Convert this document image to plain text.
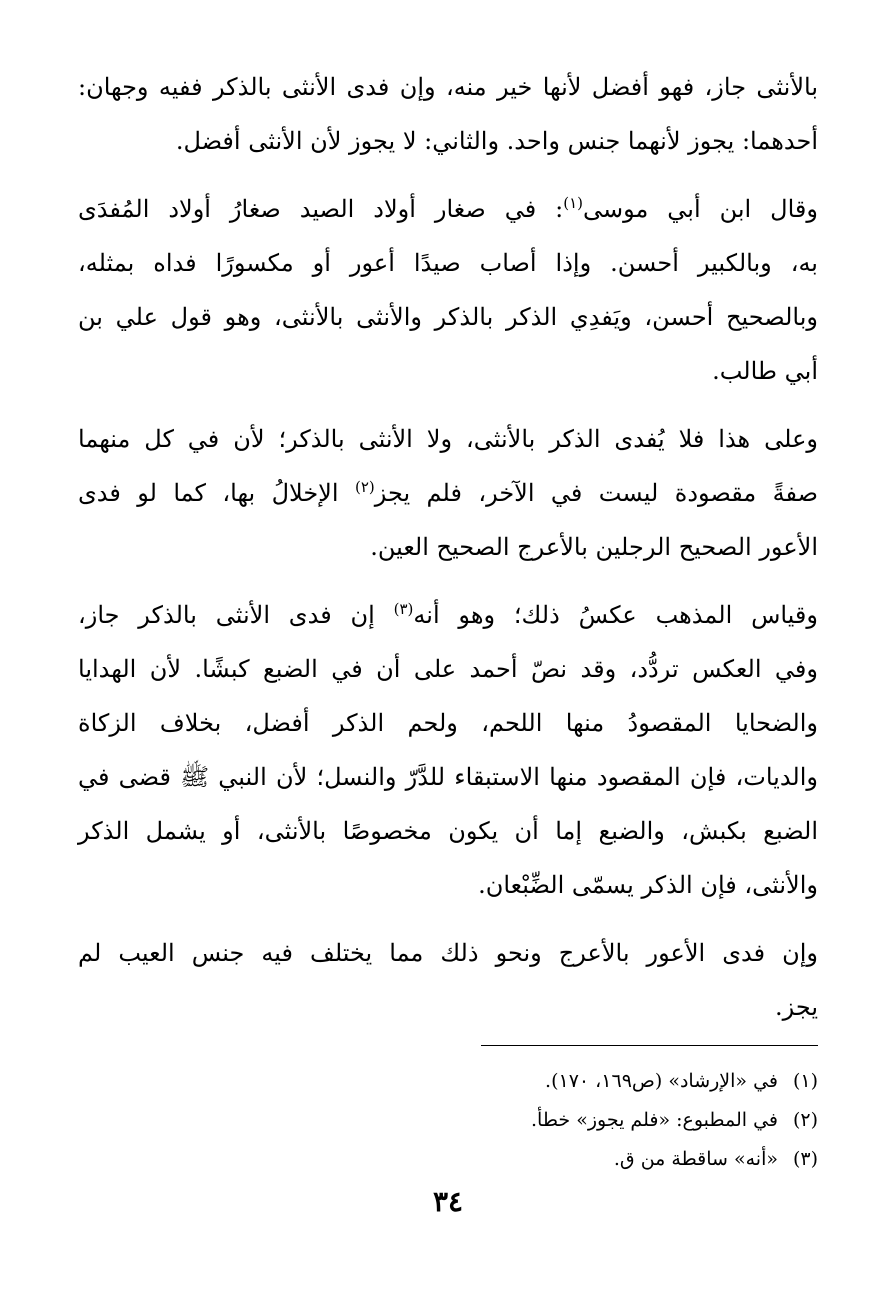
بالأنثى جاز، فهو أفضل لأنها خير منه، وإن فدى الأنثى بالذكر ففيه وجهان:
أحدهما: يجوز لأنهما جنس واحد. والثاني: لا يجوز لأن الأنثى أفضل.

وقال ابن أبي موسى$^{(١)}$: في صغار أولاد الصيد صغارُ أولاد المُفدَى
به، وبالكبير أحسن. وإذا أصاب صيدًا أعور أو مكسورًا فداه بمثله،
وبالصحيح أحسن، ويَفدِي الذكر بالذكر والأنثى بالأنثى، وهو قول علي بن
أبي طالب.

وعلى هذا فلا يُفدى الذكر بالأنثى، ولا الأنثى بالذكر؛ لأن في كل منهما
صفةً مقصودة ليست في الآخر، فلم يجز$^{(٢)}$ الإخلالُ بها، كما لو فدى
الأعور الصحيح الرجلين بالأعرج الصحيح العين.

وقياس المذهب عكسُ ذلك؛ وهو أنه$^{(٣)}$ إن فدى الأنثى بالذكر جاز،
وفي العكس تردُّد، وقد نصّ أحمد على أن في الضبع كبشًا. لأن الهدايا
والضحايا المقصودُ منها اللحم، ولحم الذكر أفضل، بخلاف الزكاة
والديات، فإن المقصود منها الاستبقاء للدَّرّ والنسل؛ لأن النبي ﷺ قضى في
الضبع بكبش، والضبع إما أن يكون مخصوصًا بالأنثى، أو يشمل الذكر
والأنثى، فإن الذكر يسمّى الضِّبْعان.

وإن فدى الأعور بالأعرج ونحو ذلك مما يختلف فيه جنس العيب لم
يجز.

(١)في «الإرشاد» (ص١٦٩، ١٧٠).
(٢)في المطبوع: «فلم يجوز» خطأ.
(٣)«أنه» ساقطة من ق.
٣٤
